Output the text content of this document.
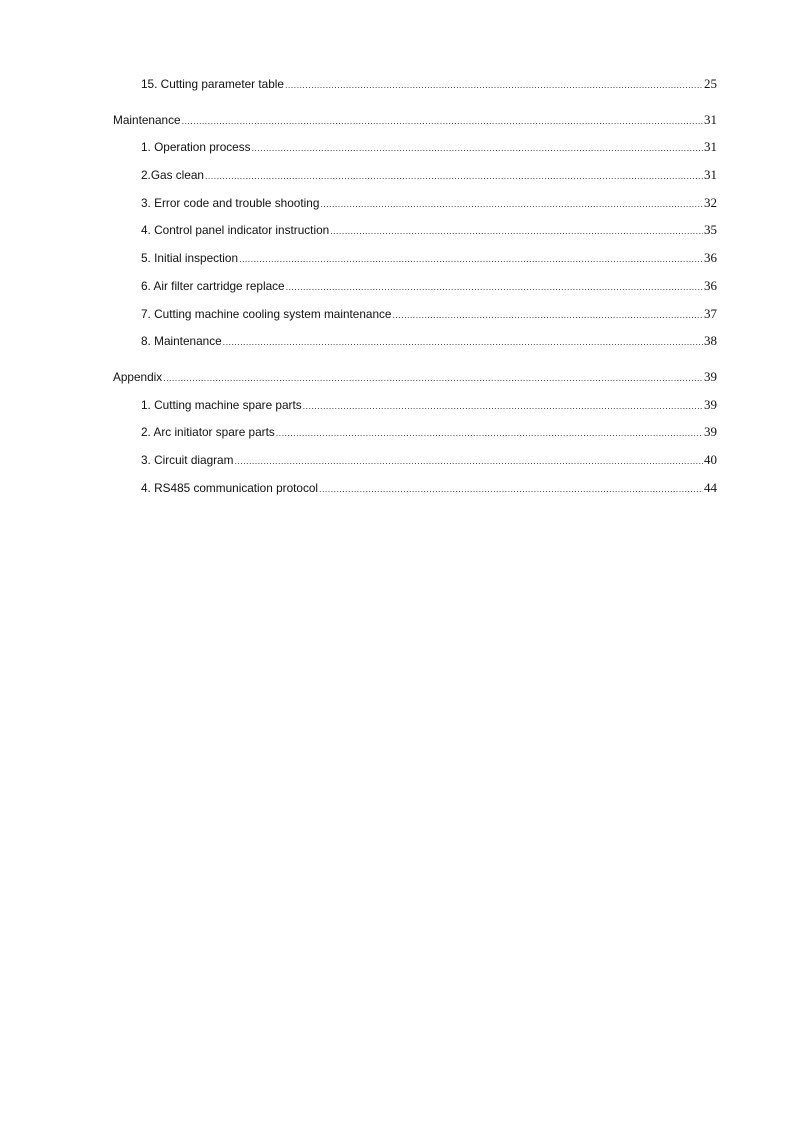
15. Cutting parameter table .....	25
Maintenance .....	31
1. Operation process .....	31
2.Gas clean .....	31
3. Error code and trouble shooting .....	32
4. Control panel indicator instruction .....	35
5. Initial inspection .....	36
6. Air filter cartridge replace .....	36
7. Cutting machine cooling system maintenance .....	37
8. Maintenance .....	38
Appendix .....	39
1. Cutting machine spare parts .....	39
2. Arc initiator spare parts .....	39
3. Circuit diagram .....	40
4. RS485 communication protocol .....	44
